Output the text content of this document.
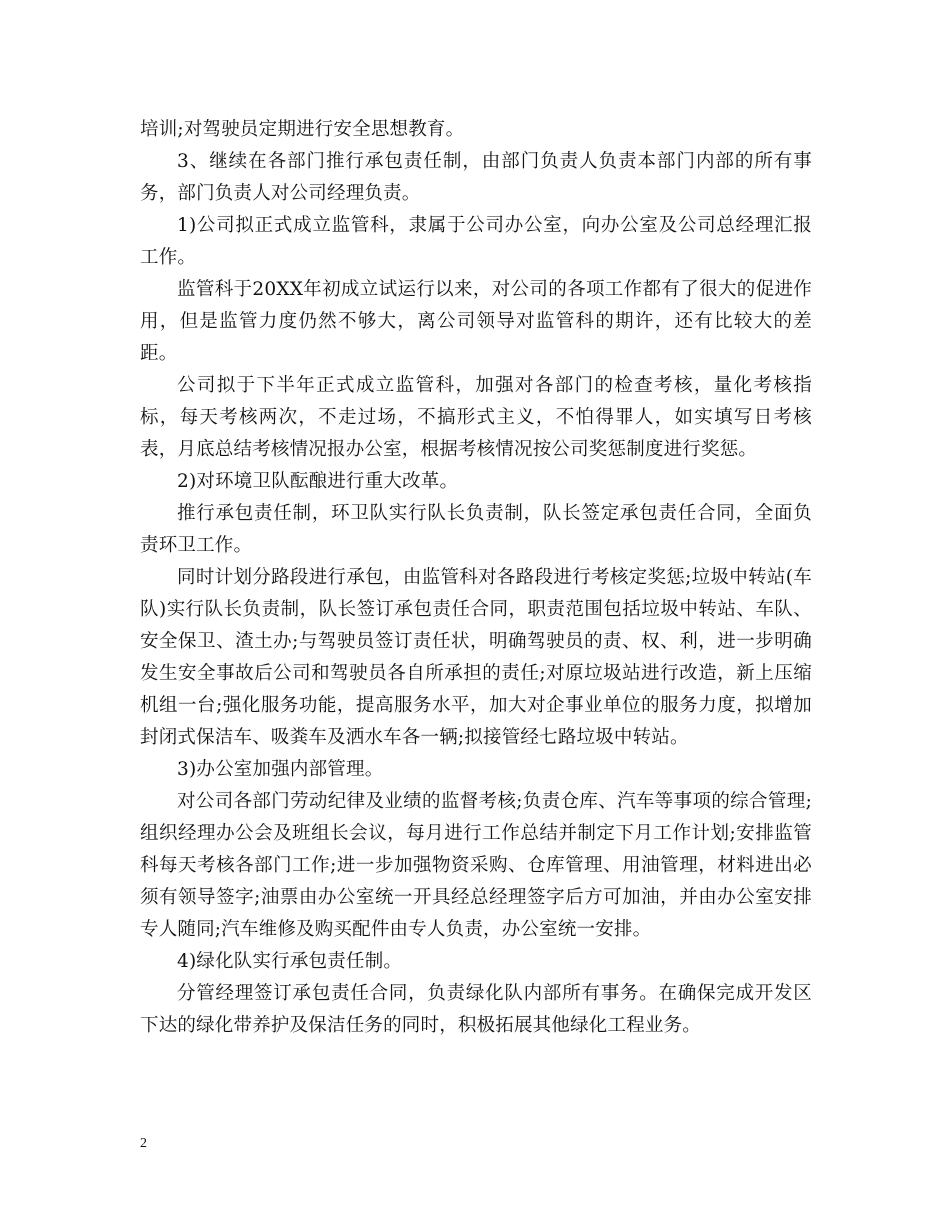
培训;对驾驶员定期进行安全思想教育。

3、继续在各部门推行承包责任制，由部门负责人负责本部门内部的所有事务，部门负责人对公司经理负责。

1)公司拟正式成立监管科，隶属于公司办公室，向办公室及公司总经理汇报工作。

监管科于20XX年初成立试运行以来，对公司的各项工作都有了很大的促进作用，但是监管力度仍然不够大，离公司领导对监管科的期许，还有比较大的差距。

公司拟于下半年正式成立监管科，加强对各部门的检查考核，量化考核指标，每天考核两次，不走过场，不搞形式主义，不怕得罪人，如实填写日考核表，月底总结考核情况报办公室，根据考核情况按公司奖惩制度进行奖惩。

2)对环境卫队酝酿进行重大改革。

推行承包责任制，环卫队实行队长负责制，队长签定承包责任合同，全面负责环卫工作。

同时计划分路段进行承包，由监管科对各路段进行考核定奖惩;垃圾中转站(车队)实行队长负责制，队长签订承包责任合同，职责范围包括垃圾中转站、车队、安全保卫、渣土办;与驾驶员签订责任状，明确驾驶员的责、权、利，进一步明确发生安全事故后公司和驾驶员各自所承担的责任;对原垃圾站进行改造，新上压缩机组一台;强化服务功能，提高服务水平，加大对企事业单位的服务力度，拟增加封闭式保洁车、吸粪车及洒水车各一辆;拟接管经七路垃圾中转站。

3)办公室加强内部管理。

对公司各部门劳动纪律及业绩的监督考核;负责仓库、汽车等事项的综合管理;组织经理办公会及班组长会议，每月进行工作总结并制定下月工作计划;安排监管科每天考核各部门工作;进一步加强物资采购、仓库管理、用油管理，材料进出必须有领导签字;油票由办公室统一开具经总经理签字后方可加油，并由办公室安排专人随同;汽车维修及购买配件由专人负责，办公室统一安排。

4)绿化队实行承包责任制。

分管经理签订承包责任合同，负责绿化队内部所有事务。在确保完成开发区下达的绿化带养护及保洁任务的同时，积极拓展其他绿化工程业务。

2
